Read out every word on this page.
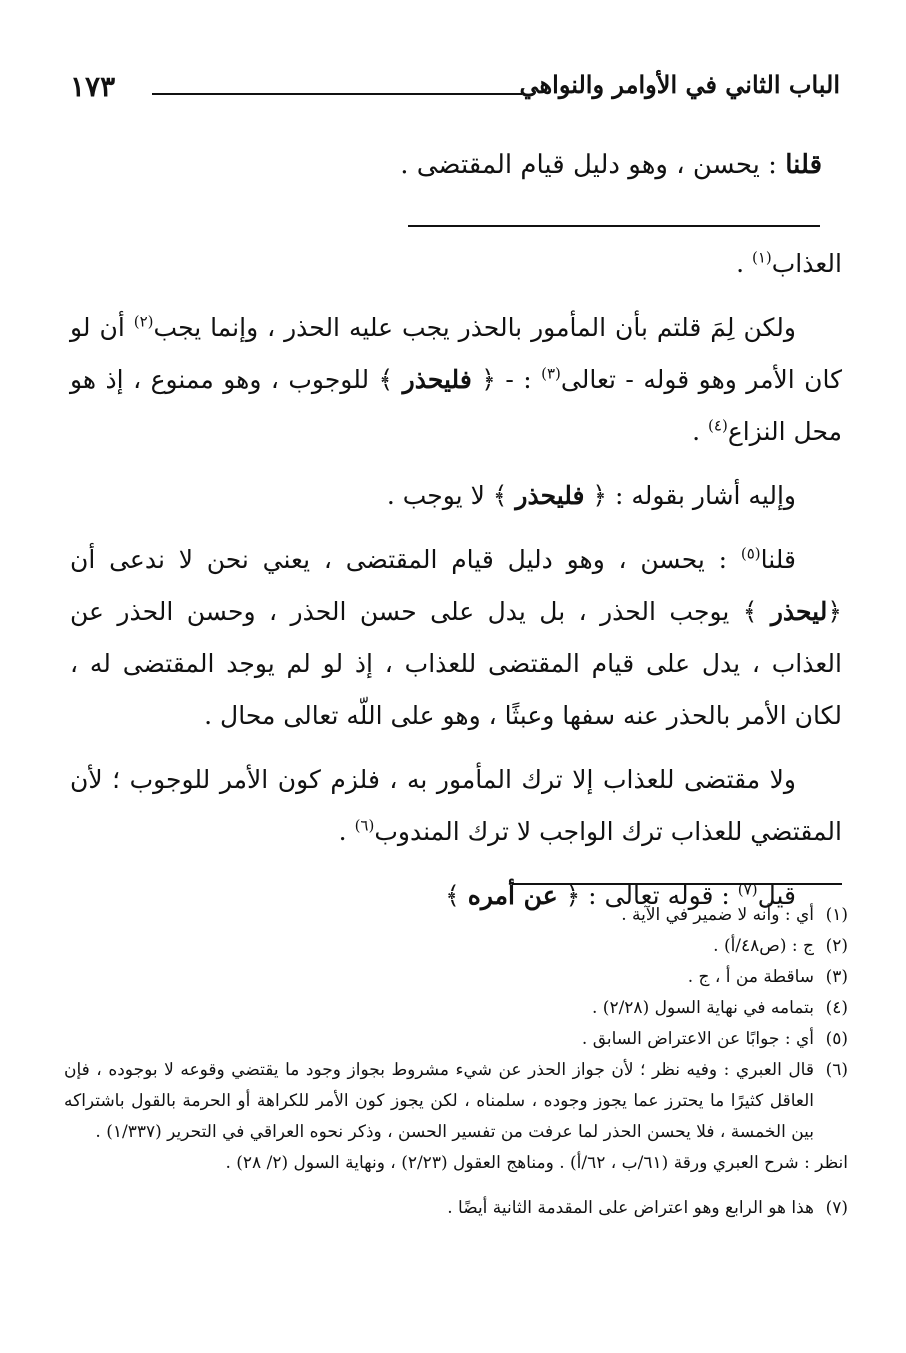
الباب الثاني في الأوامر والنواهي
١٧٣
قلنا : يحسن ، وهو دليل قيام المقتضى .

العذاب$^{(١)}$ .

ولكن لِمَ قلتم بأن المأمور بالحذر يجب عليه الحذر ، وإنما يجب$^{(٢)}$ أن لو كان الأمر وهو قوله - تعالى$^{(٣)}$ : - ﴿ فليحذر ﴾ للوجوب ، وهو ممنوع ، إذ هو محل النزاع$^{(٤)}$ .

وإليه أشار بقوله : ﴿ فليحذر ﴾ لا يوجب .

قلنا$^{(٥)}$ : يحسن ، وهو دليل قيام المقتضى ، يعني نحن لا ندعى أن ﴿ليحذر ﴾ يوجب الحذر ، بل يدل على حسن الحذر ، وحسن الحذر عن العذاب ، يدل على قيام المقتضى للعذاب ، إذ لو لم يوجد المقتضى له ، لكان الأمر بالحذر عنه سفها وعبثًا ، وهو على اللّه تعالى محال .

ولا مقتضى للعذاب إلا ترك المأمور به ، فلزم كون الأمر للوجوب ؛ لأن المقتضي للعذاب ترك الواجب لا ترك المندوب$^{(٦)}$ .

قيل$^{(٧)}$ : قوله تعالى : ﴿ عن أمره ﴾

(١)
أي : وأنه لا ضمير في الآية .

(٢)
ج : (ص٤٨/أ) .

(٣)
ساقطة من أ ، ج .

(٤)
بتمامه في نهاية السول (٢/٢٨) .

(٥)
أي : جوابًا عن الاعتراض السابق .

(٦)
قال العبري : وفيه نظر ؛ لأن جواز الحذر عن شيء مشروط بجواز وجود ما يقتضي وقوعه لا بوجوده ، فإن العاقل كثيرًا ما يحترز عما يجوز وجوده ، سلمناه ، لكن يجوز كون الأمر للكراهة أو الحرمة بالقول باشتراكه بين الخمسة ، فلا يحسن الحذر لما عرفت من تفسير الحسن ، وذكر نحوه العراقي في التحرير (١/٣٣٧) .

انظر : شرح العبري ورقة (٦١/ب ، ٦٢/أ) . ومناهج العقول (٢/٢٣) ، ونهاية السول (٢/ ٢٨) .

(٧)
هذا هو الرابع وهو اعتراض على المقدمة الثانية أيضًا .
